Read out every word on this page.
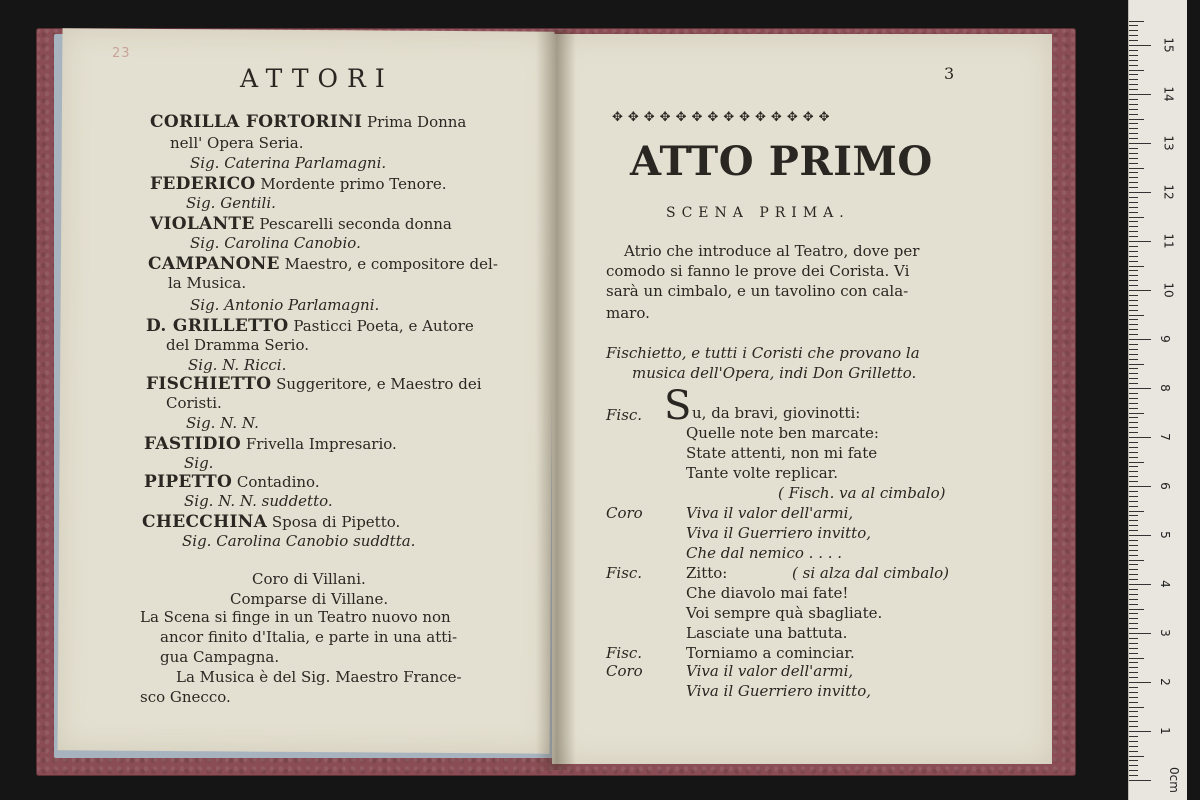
23
ATTORI
CORILLA FORTORINI Prima Donna
nell' Opera Seria.
Sig. Caterina Parlamagni.
FEDERICO Mordente primo Tenore.
Sig. Gentili.
VIOLANTE Pescarelli seconda donna
Sig. Carolina Canobio.
CAMPANONE Maestro, e compositore del-
la Musica.
Sig. Antonio Parlamagni.
D. GRILLETTO Pasticci Poeta, e Autore
del Dramma Serio.
Sig. N. Ricci.
FISCHIETTO Suggeritore, e Maestro dei
Coristi.
Sig. N. N.
FASTIDIO Frivella Impresario.
Sig.
PIPETTO Contadino.
Sig. N. N. suddetto.
CHECCHINA Sposa di Pipetto.
Sig. Carolina Canobio suddtta.
Coro di Villani.
Comparse di Villane.
La Scena si finge in un Teatro nuovo non
ancor finito d'Italia, e parte in una atti-
gua Campagna.
La Musica è del Sig. Maestro France-
sco Gnecco.
3
✥✥✥✥✥✥✥✥✥✥✥✥✥✥
ATTO PRIMO
SCENA PRIMA.
S
Atrio che introduce al Teatro, dove per
comodo si fanno le prove dei Corista. Vi
sarà un cimbalo, e un tavolino con cala-
maro.
Fischietto, e tutti i Coristi che provano la
musica dell'Opera, indi Don Grilletto.
Fisc.	u, da bravi, giovinotti:
Quelle note ben marcate:
State attenti, non mi fate
Tante volte replicar.
( Fisch. va al cimbalo)
Coro	Viva il valor dell'armi,
Viva il Guerriero invitto,
Che dal nemico . . . .
Fisc.	Zitto:	( si alza dal cimbalo)
Che diavolo mai fate!
Voi sempre quà sbagliate.
Lasciate una battuta.
Fisc.	Torniamo a cominciar.
Coro	Viva il valor dell'armi,
Viva il Guerriero invitto,
0cm
1
2
3
4
5
6
7
8
9
10
11
12
13
14
15
